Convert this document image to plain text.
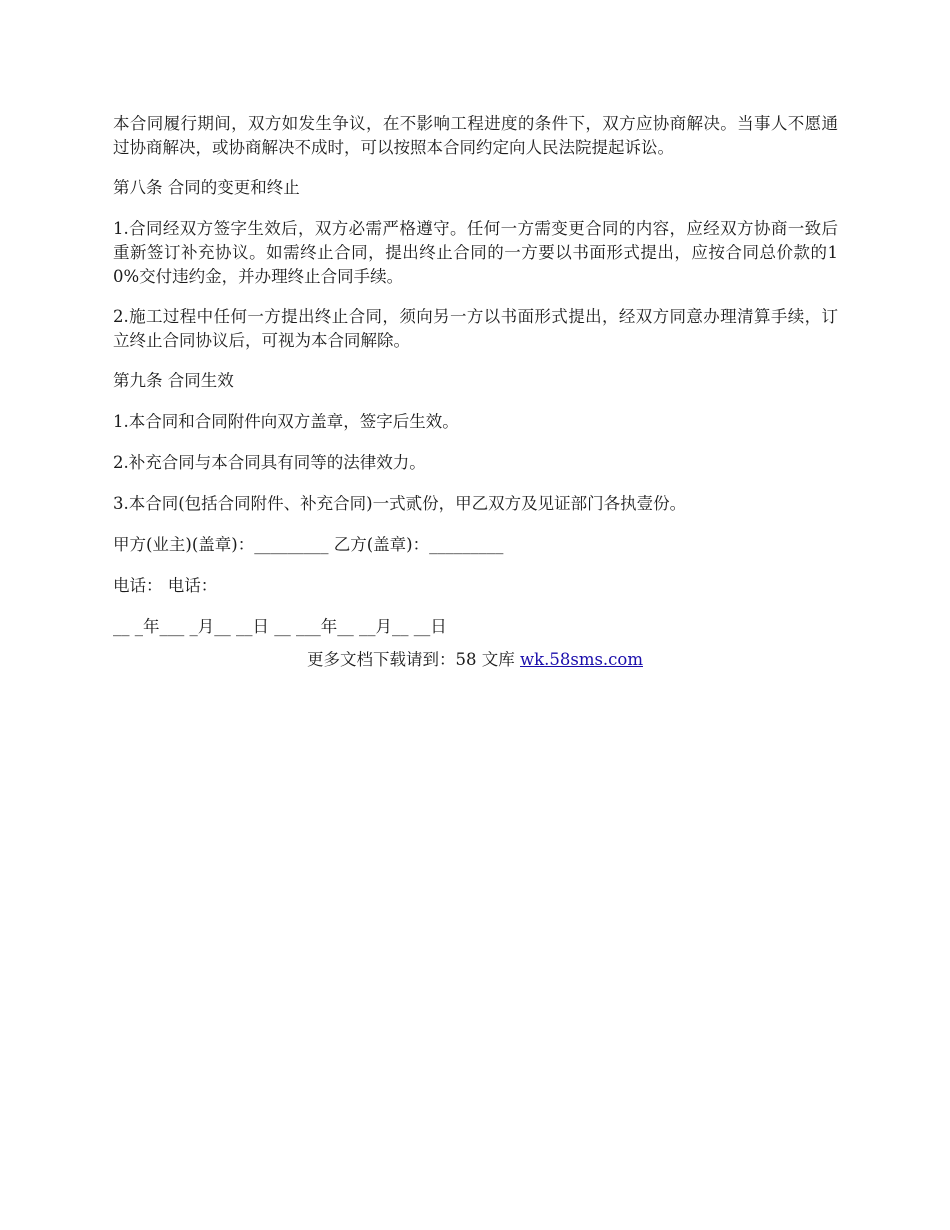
本合同履行期间，双方如发生争议，在不影响工程进度的条件下，双方应协商解决。当事人不愿通过协商解决，或协商解决不成时，可以按照本合同约定向人民法院提起诉讼。

第八条 合同的变更和终止

1.合同经双方签字生效后，双方必需严格遵守。任何一方需变更合同的内容，应经双方协商一致后重新签订补充协议。如需终止合同，提出终止合同的一方要以书面形式提出，应按合同总价款的10%交付违约金，并办理终止合同手续。

2.施工过程中任何一方提出终止合同，须向另一方以书面形式提出，经双方同意办理清算手续，订立终止合同协议后，可视为本合同解除。

第九条 合同生效

1.本合同和合同附件向双方盖章，签字后生效。

2.补充合同与本合同具有同等的法律效力。

3.本合同(包括合同附件、补充合同)一式贰份，甲乙双方及见证部门各执壹份。

甲方(业主)(盖章)：_________ 乙方(盖章)：_________

电话： 电话：

__ _年___ _月__ __日 __ ___年__ __月__ __日

更多文档下载请到：58 文库 wk.58sms.com
